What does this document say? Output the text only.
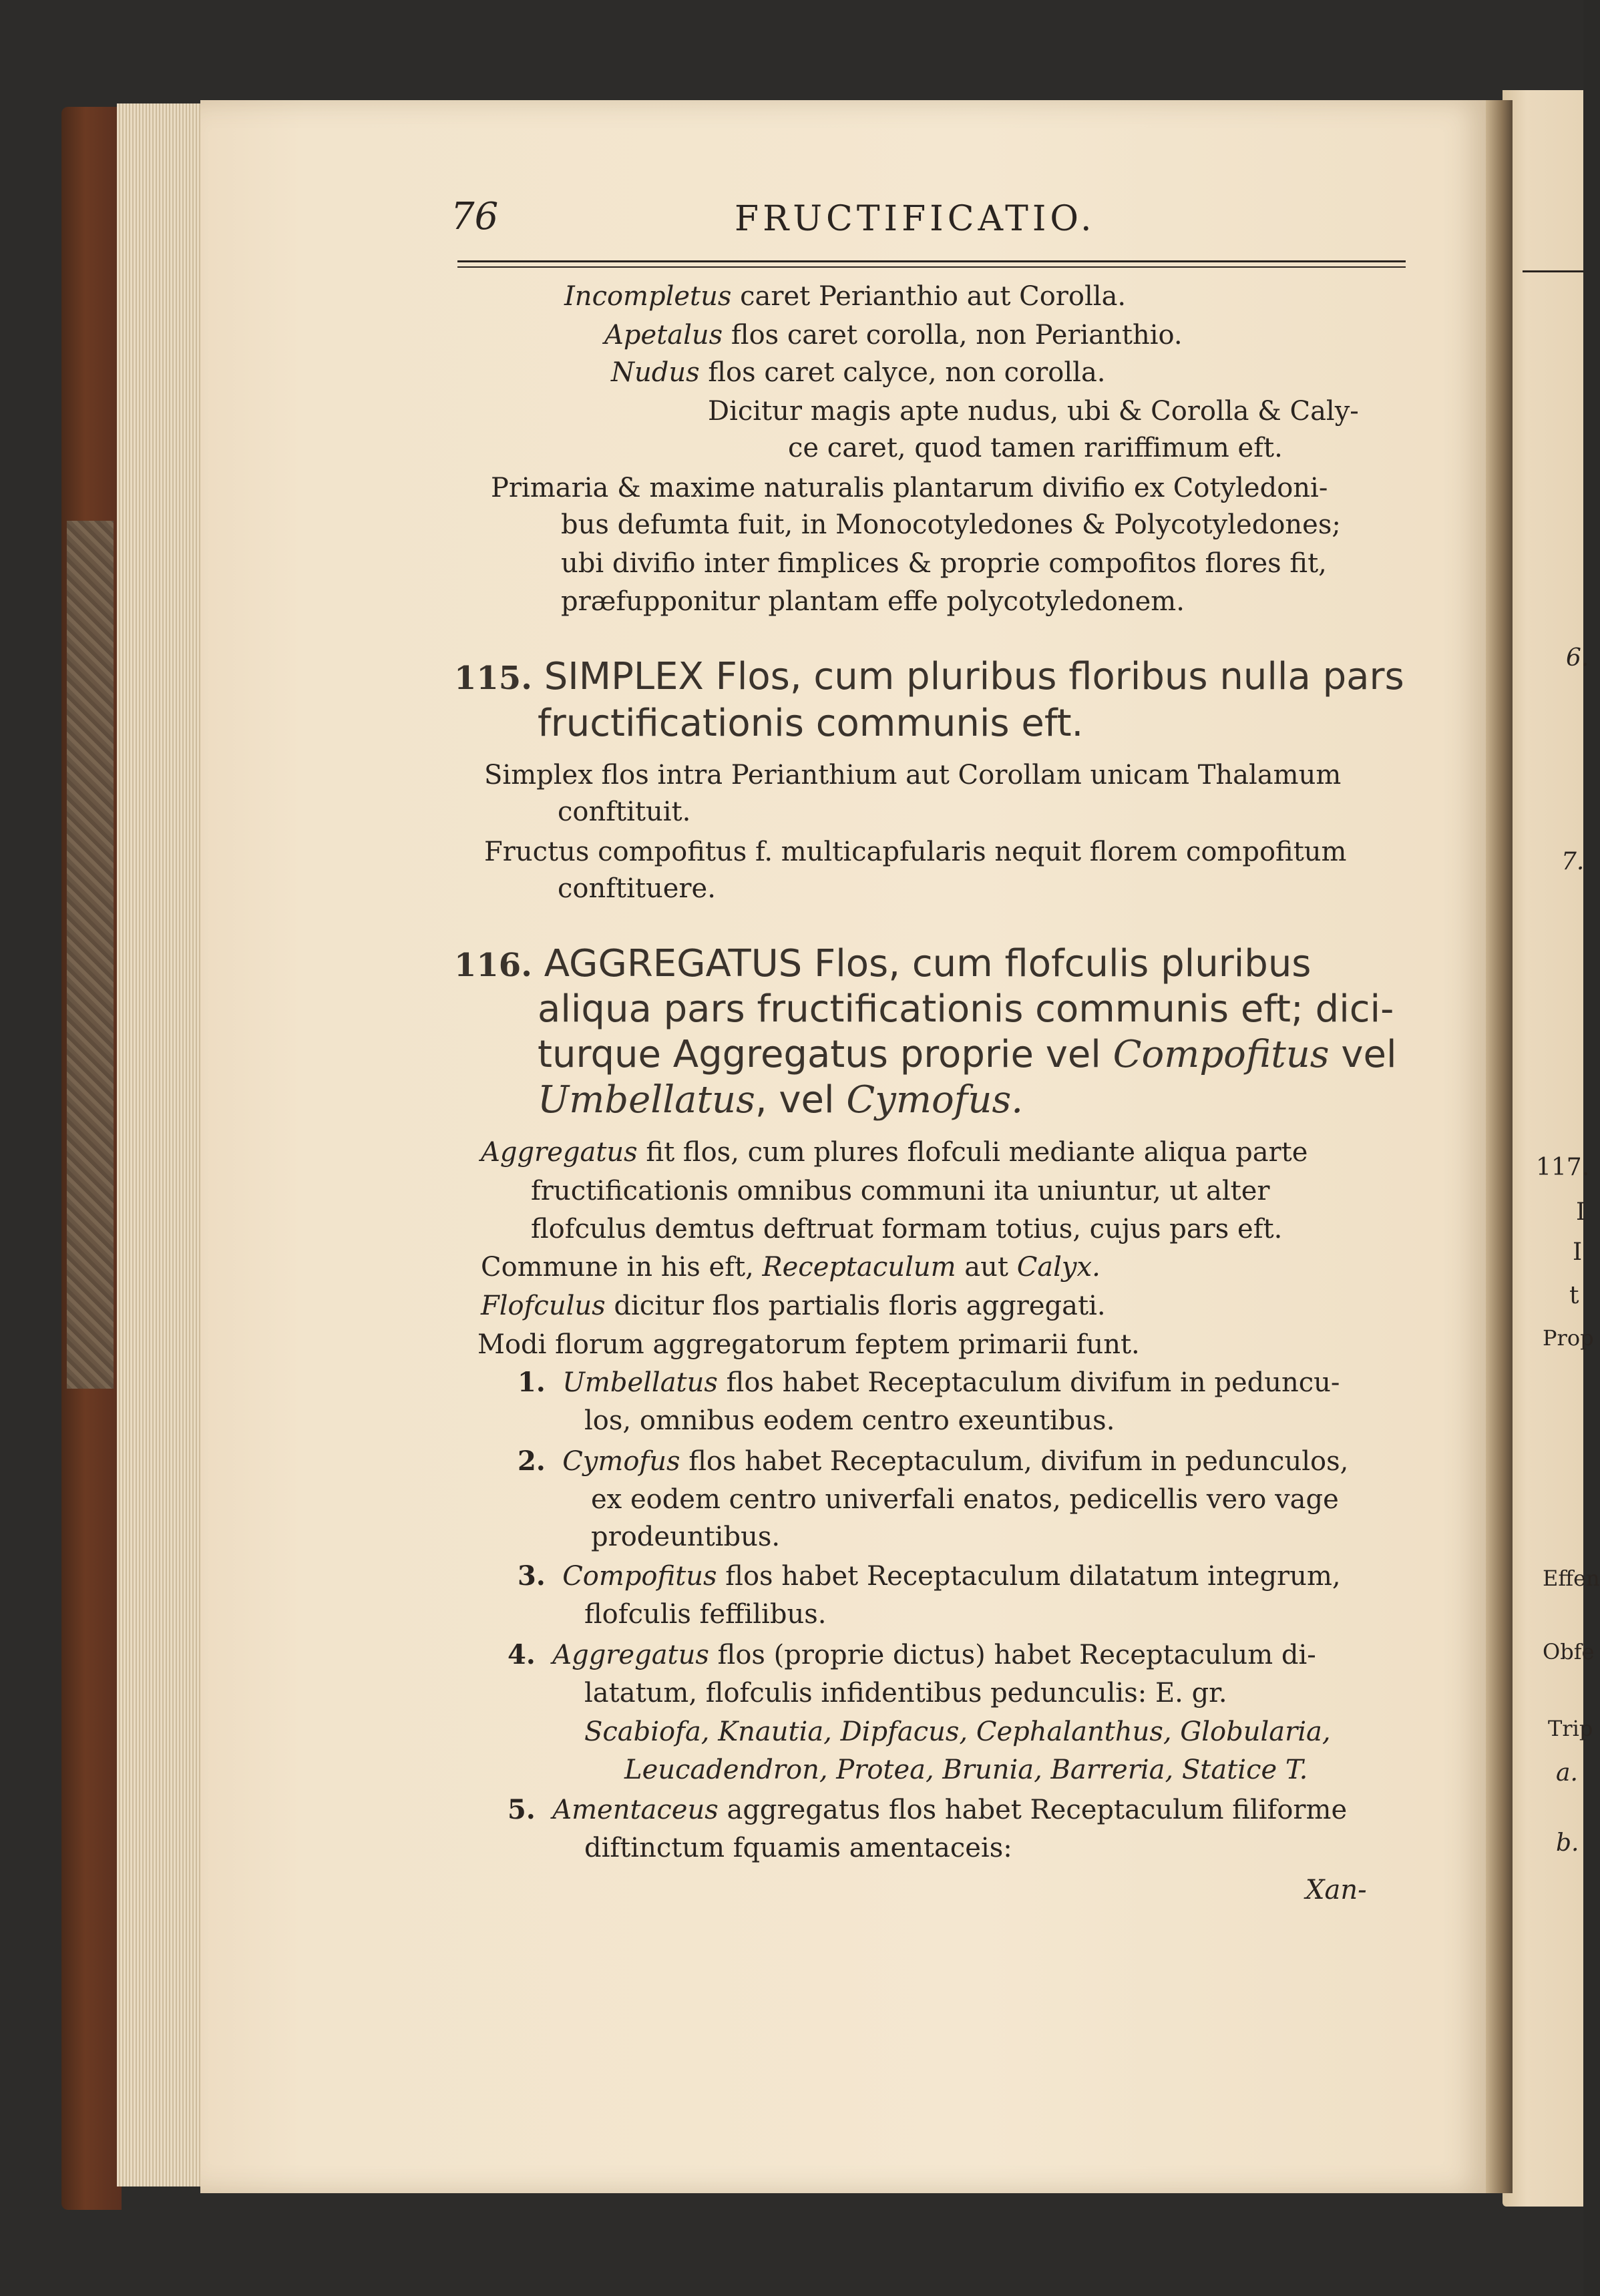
6.
7.
117.
I
I
t
Prop
Effen
Obfe
Trip
a.
b.
76	FRUCTIFICATIO.
Incompletus caret Perianthio aut Corolla.
Apetalus flos caret corolla, non Perianthio.
Nudus flos caret calyce, non corolla.
Dicitur magis apte nudus, ubi & Corolla & Caly-
ce caret, quod tamen rariffimum eft.
Primaria & maxime naturalis plantarum divifio ex Cotyledoni-
bus defumta fuit, in Monocotyledones & Polycotyledones;
ubi divifio inter fimplices & proprie compofitos flores fit,
præfupponitur plantam effe polycotyledonem.
115. SIMPLEX Flos, cum pluribus floribus nulla pars
fructificationis communis eft.
Simplex flos intra Perianthium aut Corollam unicam Thalamum
conftituit.
Fructus compofitus f. multicapfularis nequit florem compofitum
conftituere.
116. AGGREGATUS Flos, cum flofculis pluribus
aliqua pars fructificationis communis eft; dici-
turque Aggregatus proprie vel Compofitus vel
Umbellatus, vel Cymofus.
Aggregatus fit flos, cum plures flofculi mediante aliqua parte
fructificationis omnibus communi ita uniuntur, ut alter
flofculus demtus deftruat formam totius, cujus pars eft.
Commune in his eft, Receptaculum aut Calyx.
Flofculus dicitur flos partialis floris aggregati.
Modi florum aggregatorum feptem primarii funt.
1. Umbellatus flos habet Receptaculum divifum in peduncu-
los, omnibus eodem centro exeuntibus.
2. Cymofus flos habet Receptaculum, divifum in pedunculos,
ex eodem centro univerfali enatos, pedicellis vero vage
prodeuntibus.
3. Compofitus flos habet Receptaculum dilatatum integrum,
flofculis feffilibus.
4. Aggregatus flos (proprie dictus) habet Receptaculum di-
latatum, flofculis infidentibus pedunculis: E. gr.
Scabiofa, Knautia, Dipfacus, Cephalanthus, Globularia,
Leucadendron, Protea, Brunia, Barreria, Statice T.
5. Amentaceus aggregatus flos habet Receptaculum filiforme
diftinctum fquamis amentaceis:
Xan-
